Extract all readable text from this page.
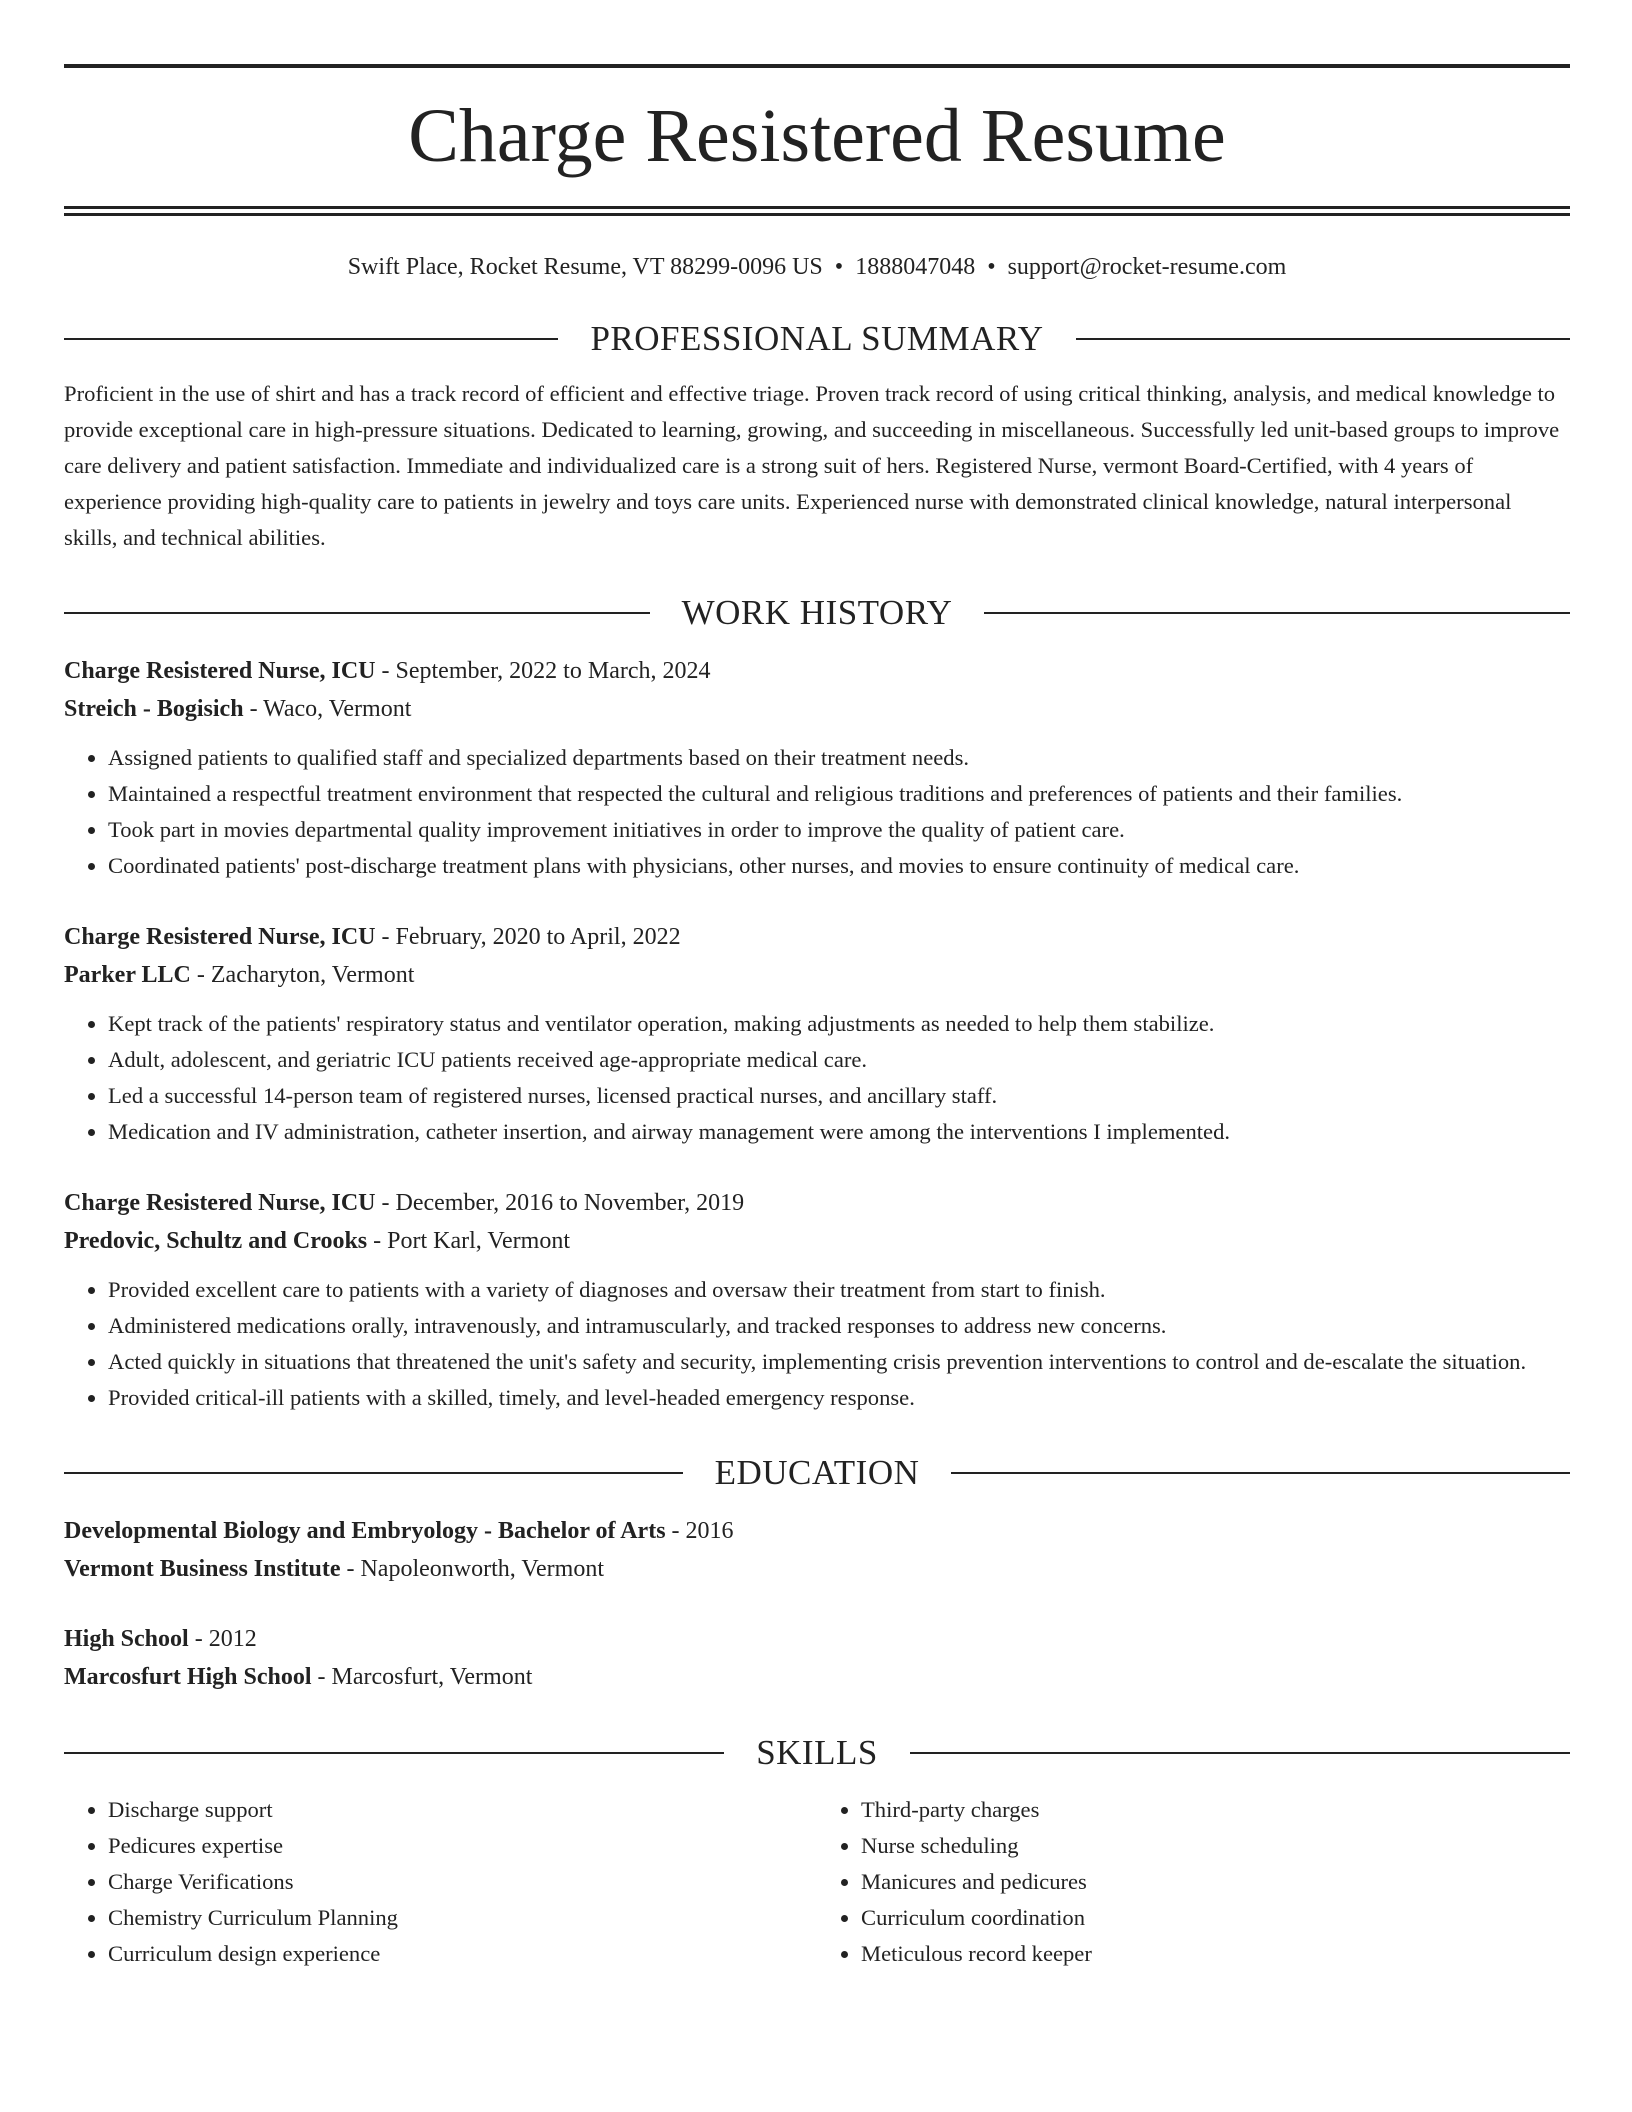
Charge Resistered Resume
Swift Place, Rocket Resume, VT 88299-0096 US • 1888047048 • support@rocket-resume.com
PROFESSIONAL SUMMARY
Proficient in the use of shirt and has a track record of efficient and effective triage. Proven track record of using critical thinking, analysis, and medical knowledge to provide exceptional care in high-pressure situations. Dedicated to learning, growing, and succeeding in miscellaneous. Successfully led unit-based groups to improve care delivery and patient satisfaction. Immediate and individualized care is a strong suit of hers. Registered Nurse, vermont Board-Certified, with 4 years of experience providing high-quality care to patients in jewelry and toys care units. Experienced nurse with demonstrated clinical knowledge, natural interpersonal skills, and technical abilities.
WORK HISTORY
Charge Resistered Nurse, ICU - September, 2022 to March, 2024
Streich - Bogisich - Waco, Vermont
• Assigned patients to qualified staff and specialized departments based on their treatment needs.
• Maintained a respectful treatment environment that respected the cultural and religious traditions and preferences of patients and their families.
• Took part in movies departmental quality improvement initiatives in order to improve the quality of patient care.
• Coordinated patients' post-discharge treatment plans with physicians, other nurses, and movies to ensure continuity of medical care.
Charge Resistered Nurse, ICU - February, 2020 to April, 2022
Parker LLC - Zacharyton, Vermont
• Kept track of the patients' respiratory status and ventilator operation, making adjustments as needed to help them stabilize.
• Adult, adolescent, and geriatric ICU patients received age-appropriate medical care.
• Led a successful 14-person team of registered nurses, licensed practical nurses, and ancillary staff.
• Medication and IV administration, catheter insertion, and airway management were among the interventions I implemented.
Charge Resistered Nurse, ICU - December, 2016 to November, 2019
Predovic, Schultz and Crooks - Port Karl, Vermont
• Provided excellent care to patients with a variety of diagnoses and oversaw their treatment from start to finish.
• Administered medications orally, intravenously, and intramuscularly, and tracked responses to address new concerns.
• Acted quickly in situations that threatened the unit's safety and security, implementing crisis prevention interventions to control and de-escalate the situation.
• Provided critical-ill patients with a skilled, timely, and level-headed emergency response.
EDUCATION
Developmental Biology and Embryology - Bachelor of Arts - 2016
Vermont Business Institute - Napoleonworth, Vermont
High School - 2012
Marcosfurt High School - Marcosfurt, Vermont
SKILLS
• Discharge support
• Pedicures expertise
• Charge Verifications
• Chemistry Curriculum Planning
• Curriculum design experience
• Third-party charges
• Nurse scheduling
• Manicures and pedicures
• Curriculum coordination
• Meticulous record keeper
